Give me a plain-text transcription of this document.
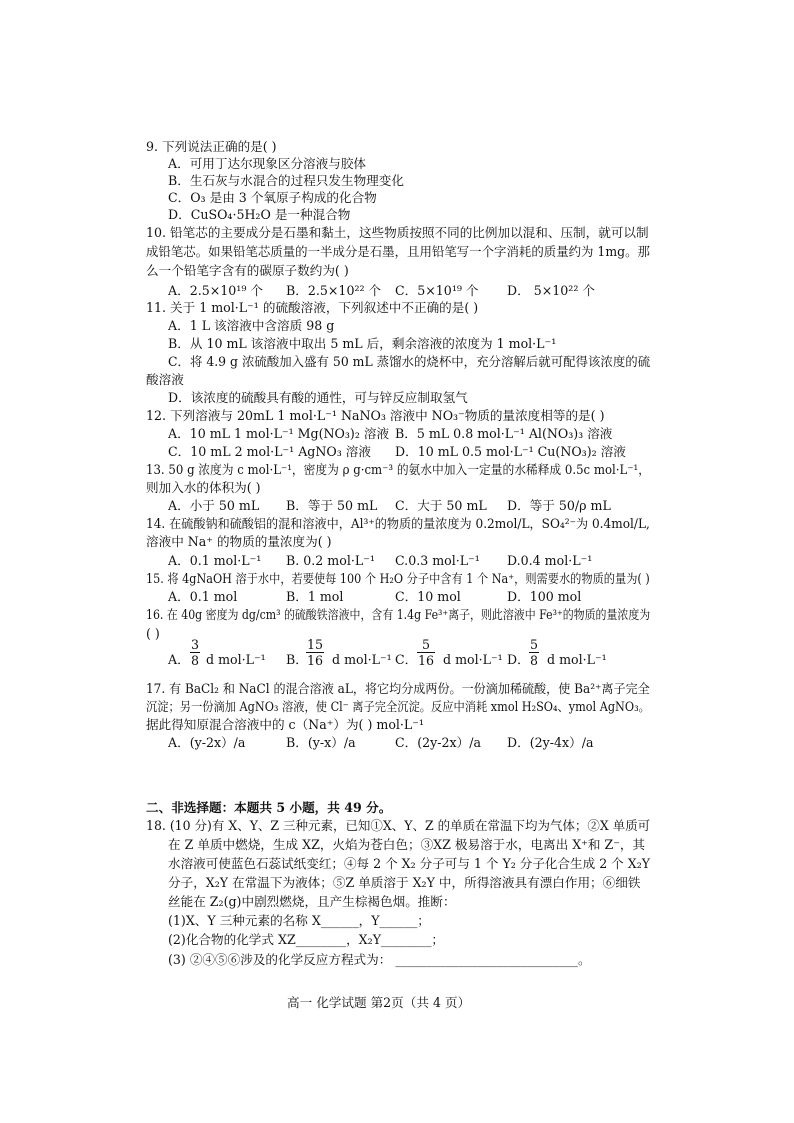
9. 下列说法正确的是( )
A．可用丁达尔现象区分溶液与胶体
B．生石灰与水混合的过程只发生物理变化
C．O₃ 是由 3 个氧原子构成的化合物
D．CuSO₄·5H₂O 是一种混合物
10. 铅笔芯的主要成分是石墨和黏土，这些物质按照不同的比例加以混和、压制，就可以制
成铅笔芯。如果铅笔芯质量的一半成分是石墨，且用铅笔写一个字消耗的质量约为 1mg。那
么一个铅笔字含有的碳原子数约为( )
A．2.5×10¹⁹ 个 B．2.5×10²² 个 C．5×10¹⁹ 个 D． 5×10²² 个
11. 关于 1 mol·L⁻¹ 的硫酸溶液，下列叙述中不正确的是( )
A．1 L 该溶液中含溶质 98 g
B．从 10 mL 该溶液中取出 5 mL 后，剩余溶液的浓度为 1 mol·L⁻¹
C．将 4.9 g 浓硫酸加入盛有 50 mL 蒸馏水的烧杯中，充分溶解后就可配得该浓度的硫
酸溶液
D．该浓度的硫酸具有酸的通性，可与锌反应制取氢气
12. 下列溶液与 20mL 1 mol·L⁻¹ NaNO₃ 溶液中 NO₃⁻物质的量浓度相等的是( )
A．10 mL 1 mol·L⁻¹ Mg(NO₃)₂ 溶液 B．5 mL 0.8 mol·L⁻¹ Al(NO₃)₃ 溶液
C．10 mL 2 mol·L⁻¹ AgNO₃ 溶液 D．10 mL 0.5 mol·L⁻¹ Cu(NO₃)₂ 溶液
13. 50 g 浓度为 c mol·L⁻¹，密度为 ρ g·cm⁻³ 的氨水中加入一定量的水稀释成 0.5c mol·L⁻¹，
则加入水的体积为( )
A．小于 50 mL B．等于 50 mL C．大于 50 mL D．等于 50/ρ mL
14. 在硫酸钠和硫酸铝的混和溶液中，Al³⁺的物质的量浓度为 0.2mol/L，SO₄²⁻为 0.4mol/L,
溶液中 Na⁺ 的物质的量浓度为( )
A．0.1 mol·L⁻¹ B. 0.2 mol·L⁻¹ C.0.3 mol·L⁻¹ D.0.4 mol·L⁻¹
15. 将 4gNaOH 溶于水中，若要使每 100 个 H₂O 分子中含有 1 个 Na⁺，则需要水的物质的量为( )
A．0.1 mol	B．1 mol	C．10 mol	D．100 mol
16. 在 40g 密度为 dg/cm³ 的硫酸铁溶液中，含有 1.4g Fe³⁺离子，则此溶液中 Fe³⁺的物质的量浓度为
( )
A． $\frac{3}{8}$ d mol·L⁻¹ B．
$\frac{15}{16}$ d mol·L⁻¹ C． $\frac{5}{16}$ d mol·L⁻¹ D． $\frac{5}{8}$ d mol·L⁻¹
17. 有 BaCl₂ 和 NaCl 的混合溶液 aL，将它均分成两份。一份滴加稀硫酸，使 Ba²⁺离子完全
沉淀；另一份滴加 AgNO₃ 溶液，使 Cl⁻ 离子完全沉淀。反应中消耗 xmol H₂SO₄、ymol AgNO₃。
据此得知原混合溶液中的 c（Na⁺）为( ) mol·L⁻¹
A．(y-2x）/a	B．(y-x）/a	C．(2y-2x）/a D．(2y-4x）/a
二、非选择题：本题共 5 小题，共 49 分。
18. (10 分)有 X、Y、Z 三种元素，已知①X、Y、Z 的单质在常温下均为气体；②X 单质可
在 Z 单质中燃烧，生成 XZ，火焰为苍白色；③XZ 极易溶于水，电离出 X⁺和 Z⁻，其
水溶液可使蓝色石蕊试纸变红；④每 2 个 X₂ 分子可与 1 个 Y₂ 分子化合生成 2 个 X₂Y
分子，X₂Y 在常温下为液体；⑤Z 单质溶于 X₂Y 中，所得溶液具有漂白作用；⑥细铁
丝能在 Z₂(g)中剧烈燃烧，且产生棕褐色烟。推断：
(1)X、Y 三种元素的名称 X______，Y______；
(2)化合物的化学式 XZ________，X₂Y________；
(3) ②④⑤⑥涉及的化学反应方程式为： _____________________________。
高一 化学试题 第2页（共 4 页）
